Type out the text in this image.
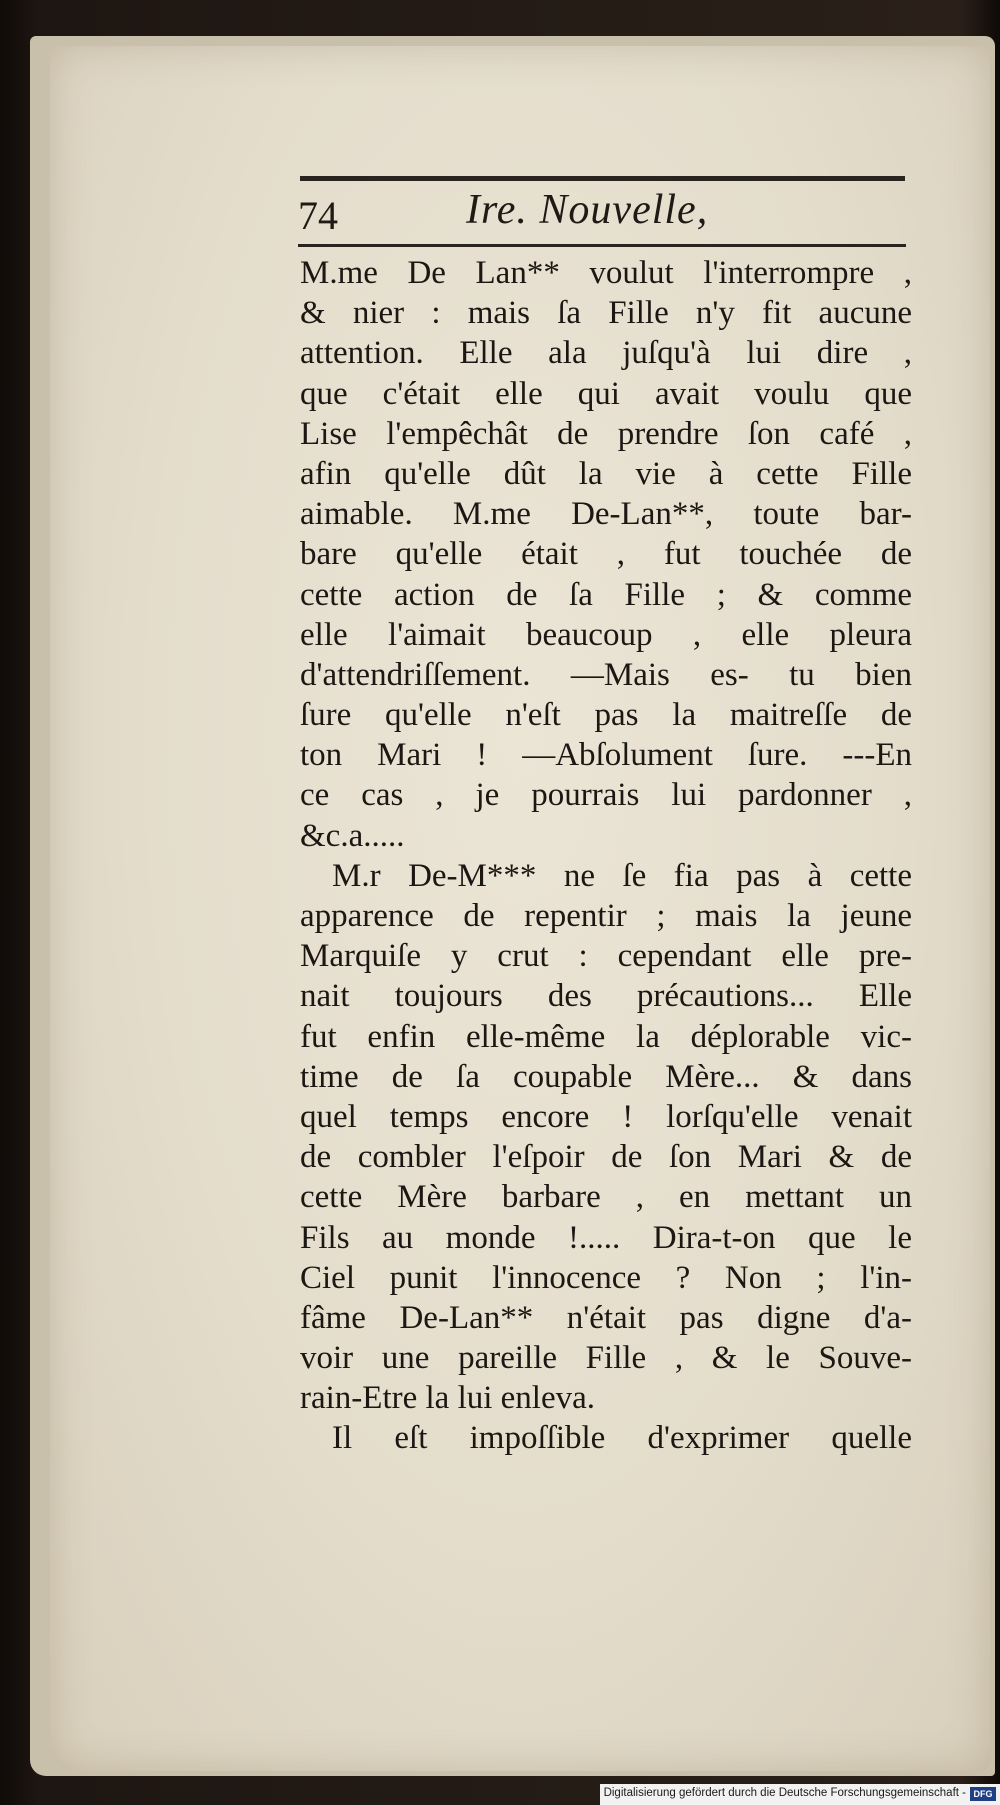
74	Ire. Nouvelle,
M.me De Lan** voulut l'interrompre ,
& nier : mais ſa Fille n'y fit aucune
attention. Elle ala juſqu'à lui dire ,
que c'était elle qui avait voulu que
Lise l'empêchât de prendre ſon café ,
afin qu'elle dût la vie à cette Fille
aimable. M.me De-Lan**, toute bar-
bare qu'elle était , fut touchée de
cette action de ſa Fille ; & comme
elle l'aimait beaucoup , elle pleura
d'attendriſſement. —Mais es- tu bien
ſure qu'elle n'eſt pas la maitreſſe de
ton Mari ! —Abſolument ſure. ---En
ce cas , je pourrais lui pardonner ,
&c.a.....
M.r De-M*** ne ſe fia pas à cette
apparence de repentir ; mais la jeune
Marquiſe y crut : cependant elle pre-
nait toujours des précautions... Elle
fut enfin elle-même la déplorable vic-
time de ſa coupable Mère... & dans
quel temps encore ! lorſqu'elle venait
de combler l'eſpoir de ſon Mari & de
cette Mère barbare , en mettant un
Fils au monde !..... Dira-t-on que le
Ciel punit l'innocence ? Non ; l'in-
fâme De-Lan** n'était pas digne d'a-
voir une pareille Fille , & le Souve-
rain-Etre la lui enleva.
Il eſt impoſſible d'exprimer quelle
Digitalisierung gefördert durch die Deutsche Forschungsgemeinschaft - DFG
